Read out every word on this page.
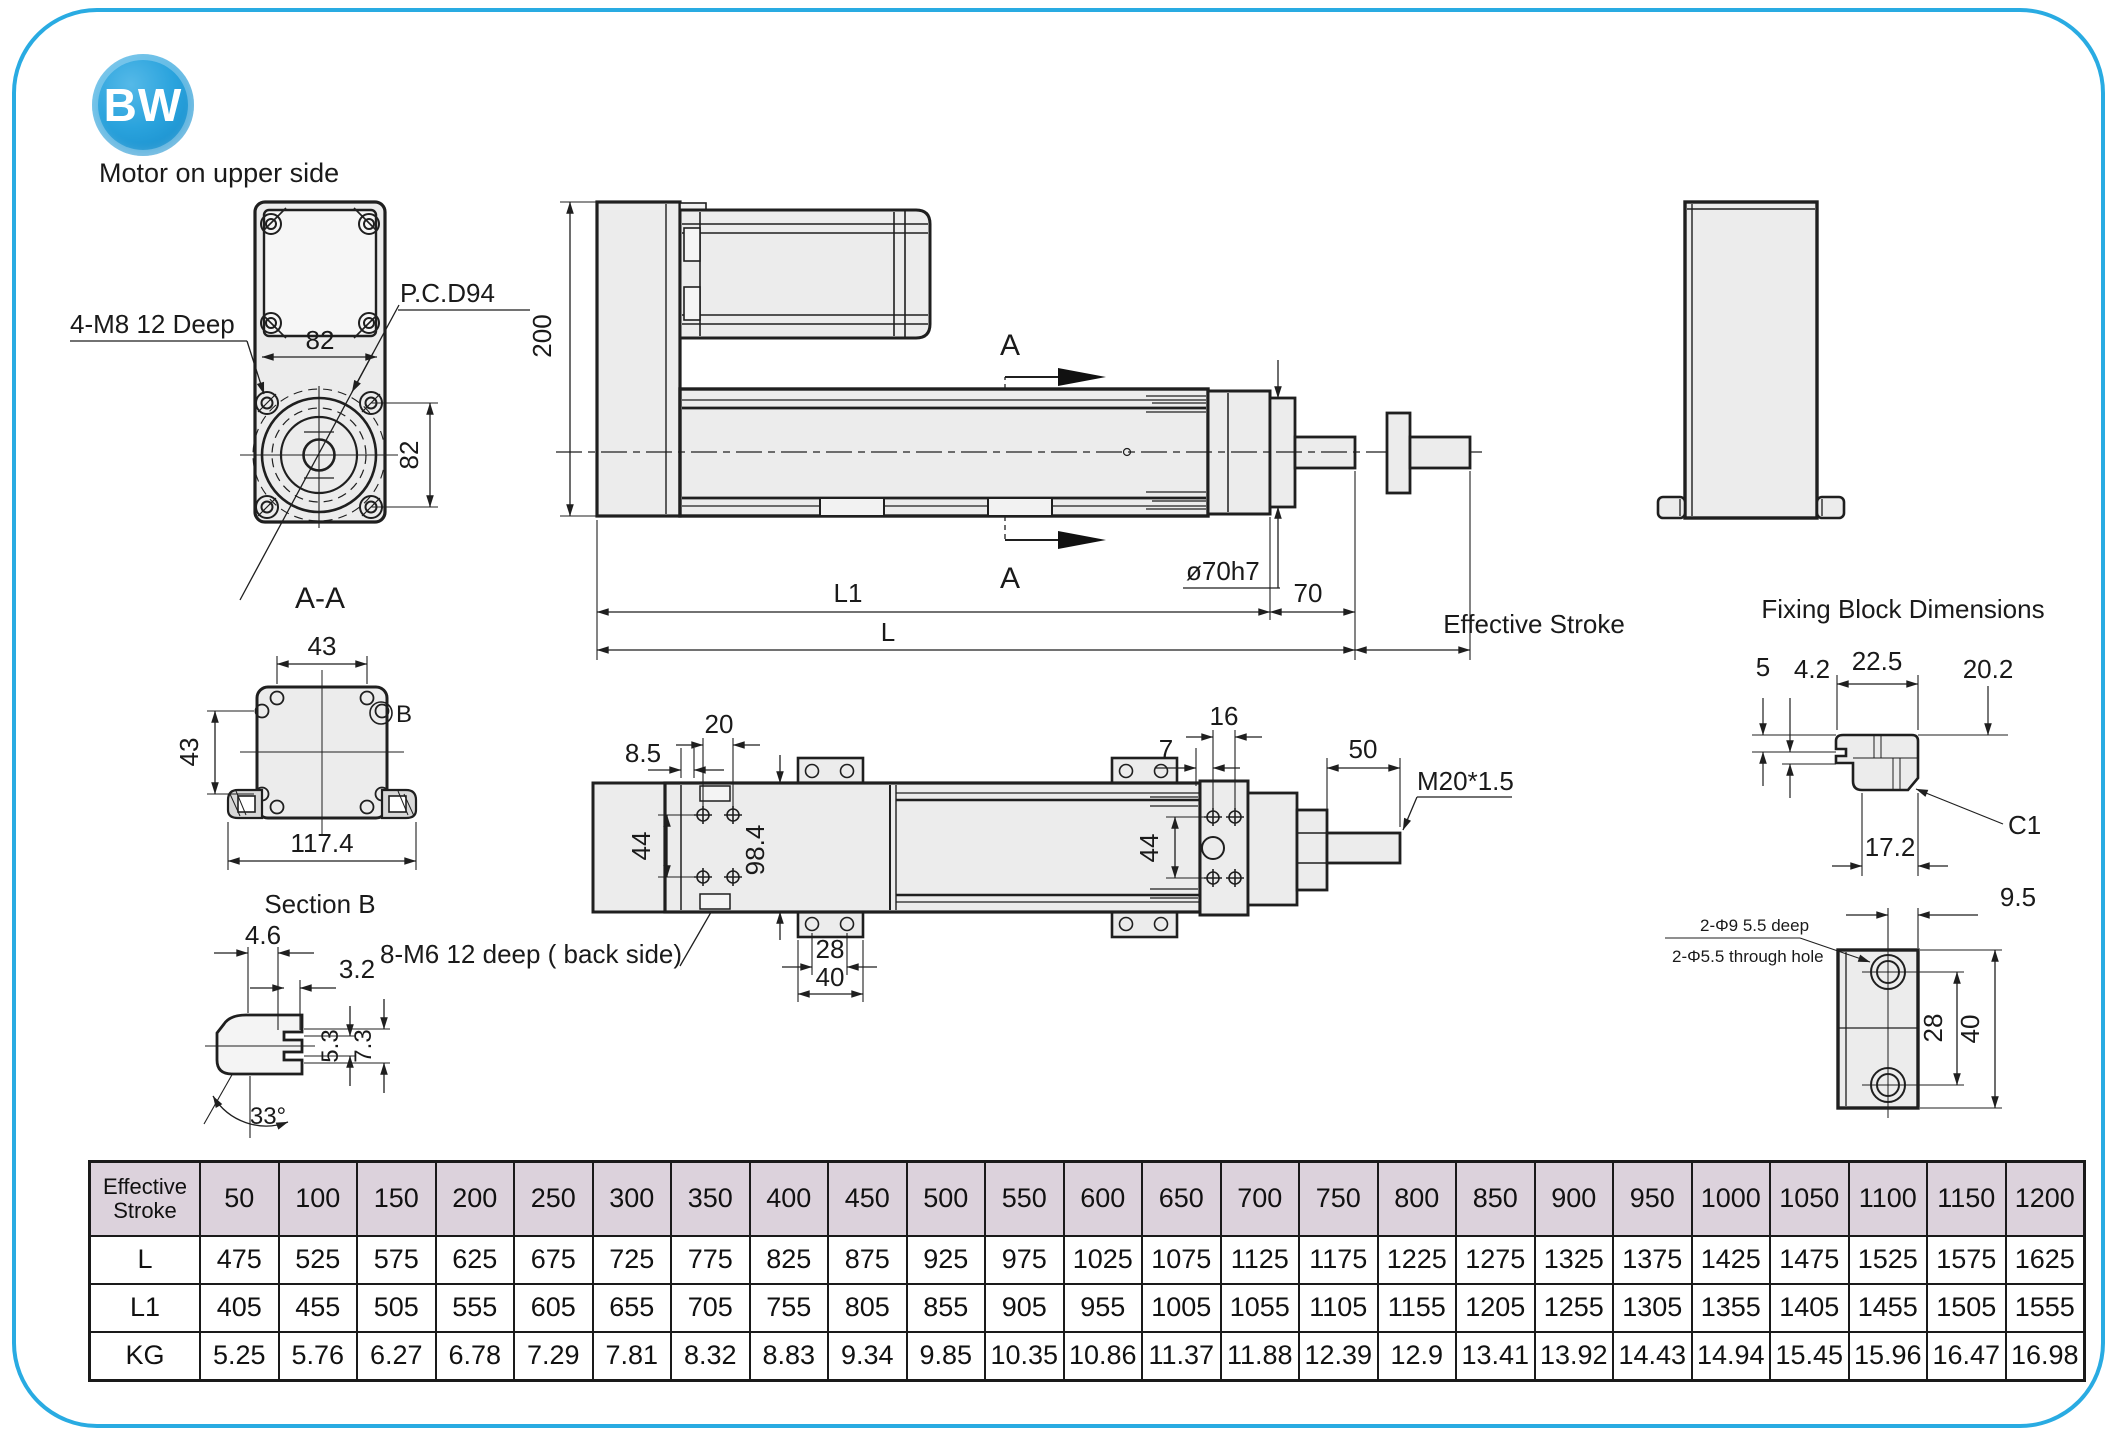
BW
Motor on upper side
4-M8 12 Deep
P.C.D94
82
82
A-A
43
43
117.4
B
Section B
4.6
3.2
5.3 7.3
33°
8-M6 12 deep ( back side)
200	A
A
L1
L
ø70h7
70
Effective Stroke
8.5
20
44	98.4
16
7
44
50
M20*1.5
28
40
Fixing Block Dimensions
5 4.2 22.5 20.2
17.2
C1
9.5
2-Φ9 5.5 deep
2-Φ5.5 through hole
28 40
Effective Stroke	50	100	150	200	250	300	350	400	450	500	550	600	650	700	750	800	850	900	950	1000	1050	1100	1150	1200
L	475	525	575	625	675	725	775	825	875	925	975	1025	1075	1125	1175	1225	1275	1325	1375	1425	1475	1525	1575	1625
L1	405	455	505	555	605	655	705	755	805	855	905	955	1005	1055	1105	1155	1205	1255	1305	1355	1405	1455	1505	1555
KG	5.25	5.76	6.27	6.78	7.29	7.81	8.32	8.83	9.34	9.85	10.35	10.86	11.37	11.88	12.39	12.9	13.41	13.92	14.43	14.94	15.45	15.96	16.47	16.98
